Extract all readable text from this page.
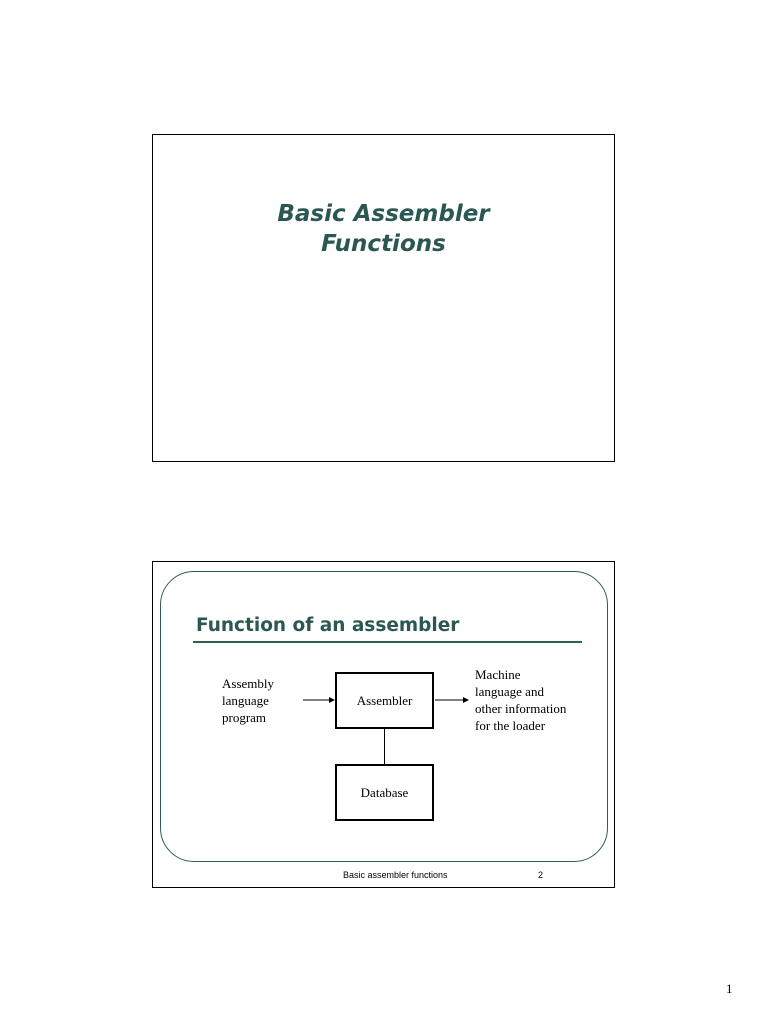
Basic Assembler
Functions
Function of an assembler
Assembly
language
program
Assembler
Machine
language and
other information
for the loader
Database
Basic assembler functions	2
1
